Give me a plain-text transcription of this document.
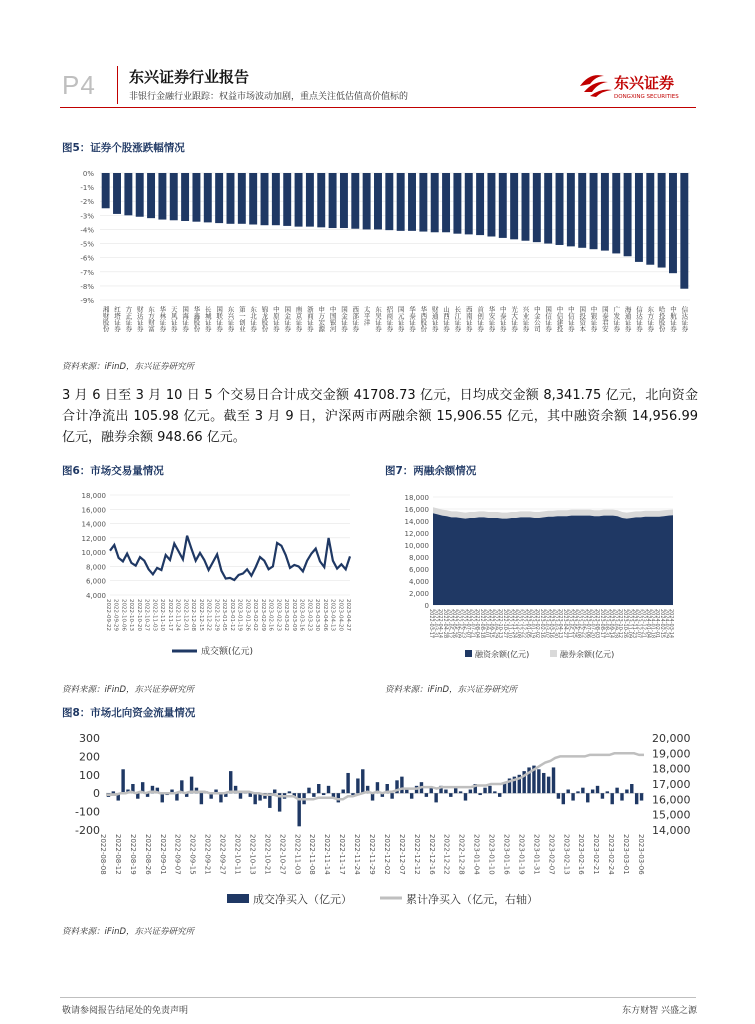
P4 东兴证券行业报告
非银行金融行业跟踪：权益市场波动加剧，重点关注低估值高价值标的
东兴证券
DONGXING SECURITIES
图5：证券个股涨跌幅情况
0%
-1%
-2%
-3%
-4%
-5%
-6%
-7%
-8%
-9%
湘财股份 红塔证券 方正证券 财达证券 东方财富 华林证券 天风证券 国海证券 华鑫股份 长城证券 国联证券 东兴证券 第一创业 东北证券 锦龙股份 中原证券 国金证券 南京证券 浙商证券 申万宏源 中国银河 国金证券 西部证券 太平洋 东吴证券 招商证券 国元证券 华泰证券 华西股份 财通证券 山西证券 长江证券 西南证券 首创证券 华安证券 中泰证券 光大证券 兴业证券 中金公司 国信证券 中信建投 中信证券 国投资本 中银证券 国泰君安 广发证券 海通证券 信达证券 东方证券 哈投股份 中航证券 信达证券
资料来源：iFinD，东兴证券研究所
3 月 6 日至 3 月 10 日 5 个交易日合计成交金额 41708.73 亿元，日均成交金额 8,341.75 亿元，北向资金合计净流出 105.98 亿元。截至 3 月 9 日，沪深两市两融余额 15,906.55 亿元，其中融资余额 14,956.99 亿元，融券余额 948.66 亿元。
图6：市场交易量情况
18,000
16,000
14,000
12,000
10,000
8,000
6,000
4,000
2022-09-22 2022-09-29 2022-10-06 2022-10-13 2022-10-20 2022-10-27 2022-11-03 2022-11-10 2022-11-17 2022-11-24 2022-12-01 2022-12-08 2022-12-15 2022-12-22 2022-12-29 2023-01-05 2023-01-12 2023-01-19 2023-01-26 2023-02-02 2023-02-09 2023-02-16 2023-02-23 2023-03-02 2023-03-09 2023-03-16 2023-03-23 2023-03-30 2023-04-06 2023-04-13 2023-04-20 2023-04-27
成交额(亿元)
资料来源：iFinD，东兴证券研究所
图7：两融余额情况
18,000
16,000
14,000
12,000
10,000
8,000
6,000
4,000
2,000
0
2022-03-17
2022-03-31
2022-04-14
2022-04-28
2022-05-12
2022-05-26
2022-06-09
2022-06-23
2022-07-07
2022-07-21
2022-08-04
2022-08-18
2022-09-01
2022-09-15
2022-09-29
2022-10-13
2022-10-27
2022-11-10
2022-11-24
2022-12-08
2022-12-22
2023-01-05
2023-01-19
2023-02-02
2023-02-16
2023-03-02
2023-03-16
2023-03-30
2023-04-13
2023-04-27
2023-05-11
2023-05-25
2023-06-08
2023-06-22
2023-07-06
2023-07-20
2023-08-03
2023-08-17
2023-08-31
2023-09-14
2023-09-28
2023-10-12
2023-10-26
2023-11-09
2023-11-23
2023-12-07
2023-12-21
2024-01-04
2024-01-18
2024-02-01
2024-02-15
2024-02-29
2024-03-14
融资余额(亿元)	融券余额(亿元)
资料来源：iFinD，东兴证券研究所
图8：市场北向资金流量情况
300
200
100
0
-100
-200
20,000
19,000
18,000
17,000
16,000
15,000
14,000
2022-08-08 2022-08-12 2022-08-19 2022-08-26 2022-09-01 2022-09-07 2022-09-15 2022-09-21 2022-09-27 2022-10-11 2022-10-13 2022-10-21 2022-10-27 2022-11-03 2022-11-08 2022-11-14 2022-11-17 2022-11-24 2022-11-29 2022-12-02 2022-12-07 2022-12-12 2022-12-16 2022-12-22 2022-12-28 2023-01-04 2023-01-10 2023-01-16 2023-01-19 2023-01-31 2023-02-07 2023-02-13 2023-02-16 2023-02-21 2023-02-24 2023-03-01 2023-03-06
成交净买入（亿元）	累计净买入（亿元，右轴）
资料来源：iFinD，东兴证券研究所
敬请参阅报告结尾处的免责声明	东方财智 兴盛之源
